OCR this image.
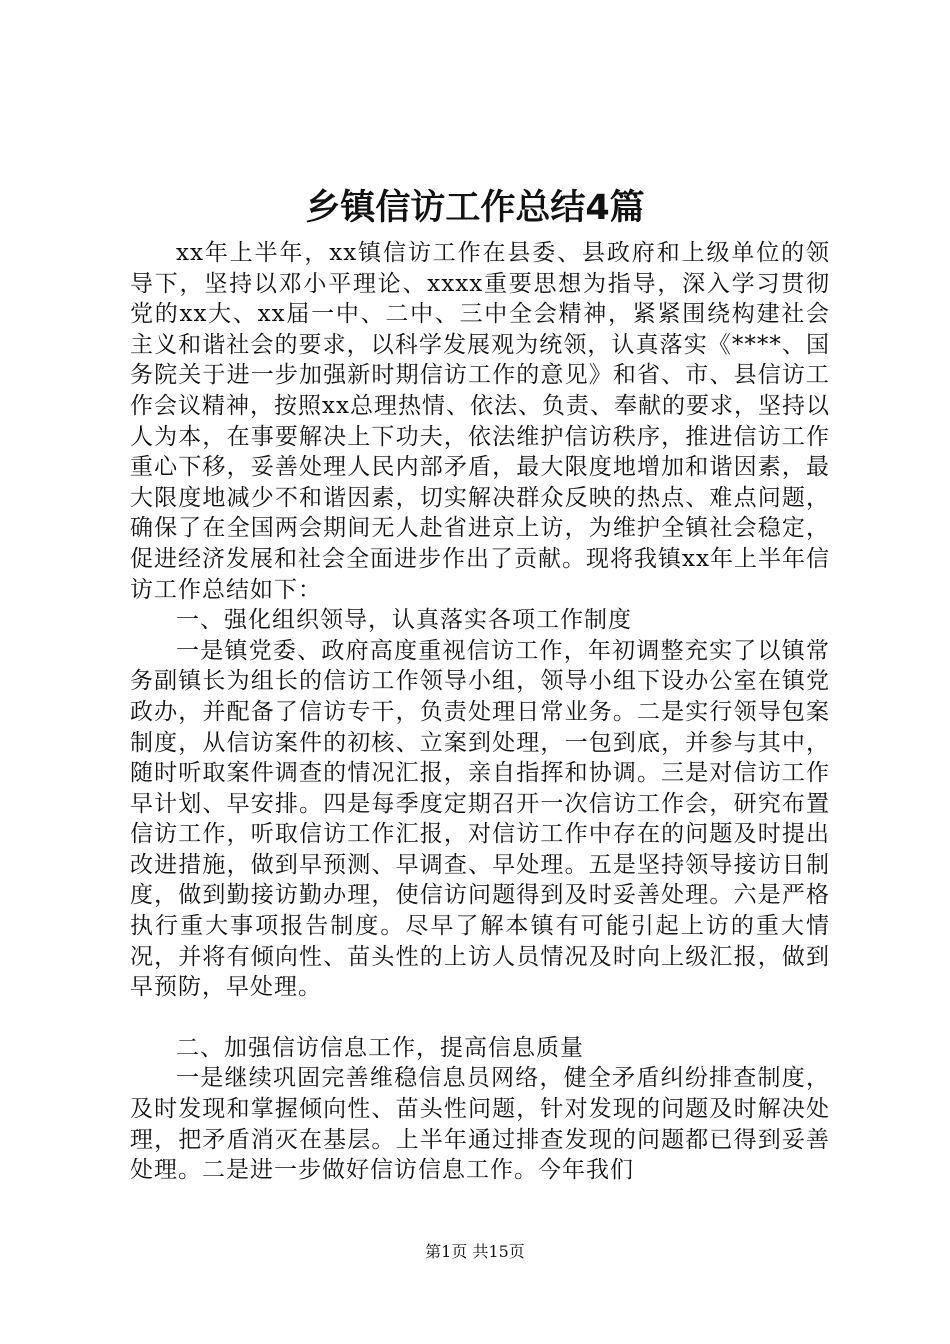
乡镇信访工作总结4篇

xx年上半年，xx镇信访工作在县委、县政府和上级单位的领导下，坚持以邓小平理论、xxxx重要思想为指导，深入学习贯彻党的xx大、xx届一中、二中、三中全会精神，紧紧围绕构建社会主义和谐社会的要求，以科学发展观为统领，认真落实《****、国务院关于进一步加强新时期信访工作的意见》和省、市、县信访工作会议精神，按照xx总理热情、依法、负责、奉献的要求，坚持以人为本，在事要解决上下功夫，依法维护信访秩序，推进信访工作重心下移，妥善处理人民内部矛盾，最大限度地增加和谐因素，最大限度地减少不和谐因素，切实解决群众反映的热点、难点问题，确保了在全国两会期间无人赴省进京上访，为维护全镇社会稳定，促进经济发展和社会全面进步作出了贡献。现将我镇xx年上半年信访工作总结如下：

一、强化组织领导，认真落实各项工作制度

一是镇党委、政府高度重视信访工作，年初调整充实了以镇常务副镇长为组长的信访工作领导小组，领导小组下设办公室在镇党政办，并配备了信访专干，负责处理日常业务。二是实行领导包案制度，从信访案件的初核、立案到处理，一包到底，并参与其中，随时听取案件调查的情况汇报，亲自指挥和协调。三是对信访工作早计划、早安排。四是每季度定期召开一次信访工作会，研究布置信访工作，听取信访工作汇报，对信访工作中存在的问题及时提出改进措施，做到早预测、早调查、早处理。五是坚持领导接访日制度，做到勤接访勤办理，使信访问题得到及时妥善处理。六是严格执行重大事项报告制度。尽早了解本镇有可能引起上访的重大情况，并将有倾向性、苗头性的上访人员情况及时向上级汇报，做到早预防，早处理。

二、加强信访信息工作，提高信息质量

一是继续巩固完善维稳信息员网络，健全矛盾纠纷排查制度，及时发现和掌握倾向性、苗头性问题，针对发现的问题及时解决处理，把矛盾消灭在基层。上半年通过排查发现的问题都已得到妥善处理。二是进一步做好信访信息工作。今年我们

第1页 共15页
